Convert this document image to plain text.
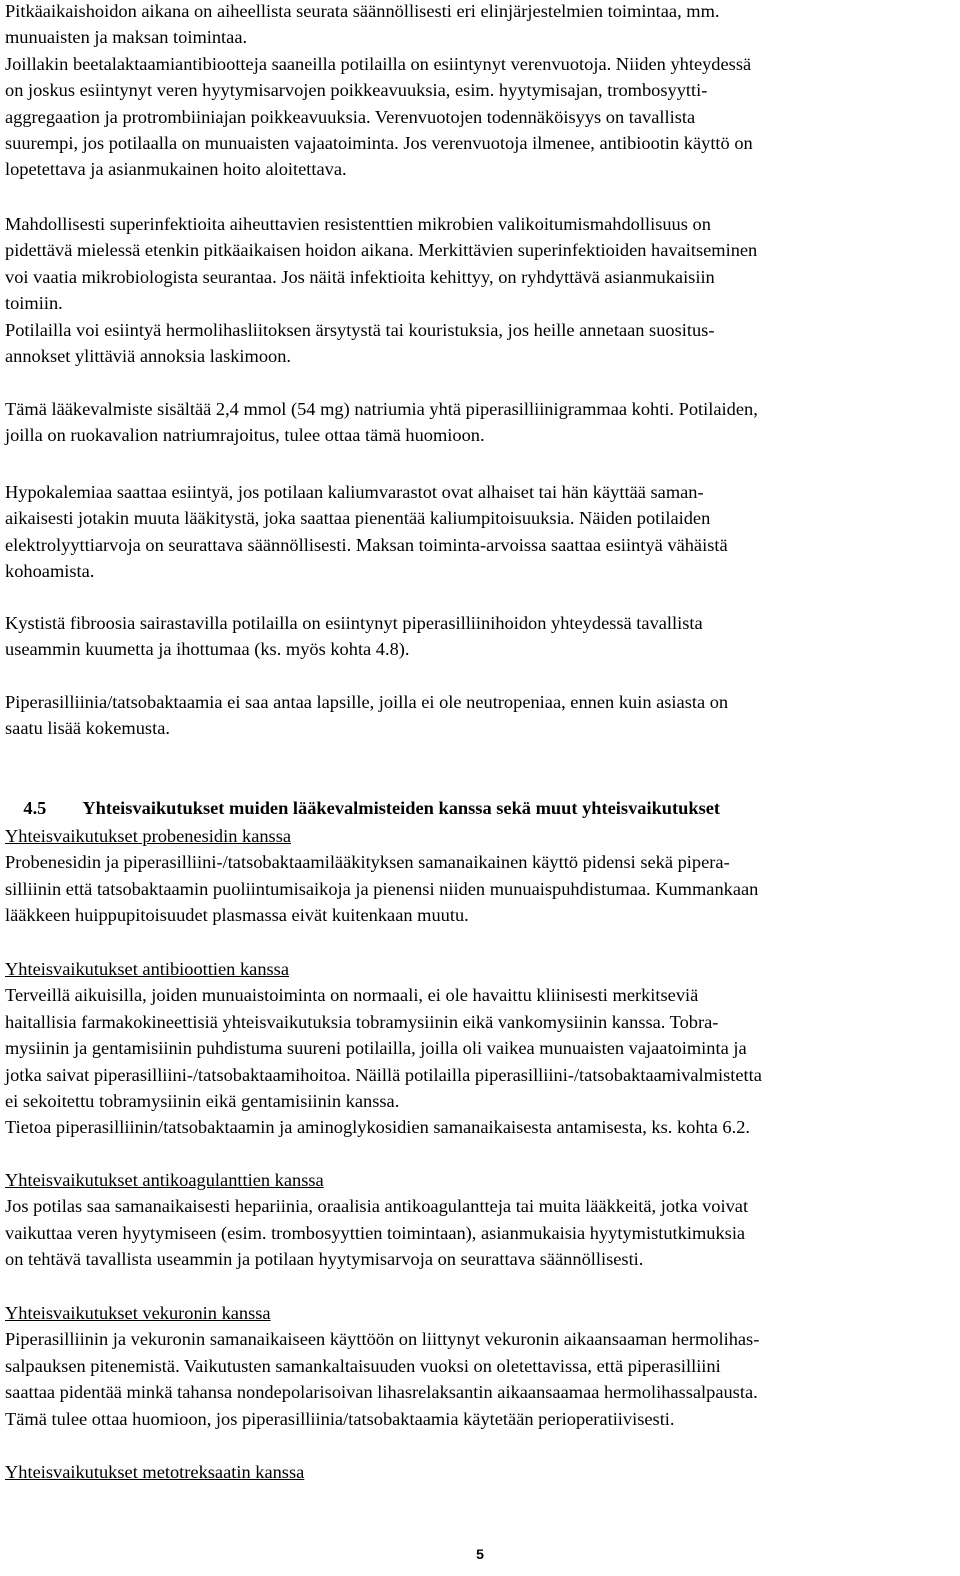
Pitkäaikaishoidon aikana on aiheellista seurata säännöllisesti eri elinjärjestelmien toimintaa, mm.

munuaisten ja maksan toimintaa.

Joillakin beetalaktaamiantibiootteja saaneilla potilailla on esiintynyt verenvuotoja. Niiden yhteydessä

on joskus esiintynyt veren hyytymisarvojen poikkeavuuksia, esim. hyytymisajan, trombosyytti-

aggregaation ja protrombiiniajan poikkeavuuksia. Verenvuotojen todennäköisyys on tavallista

suurempi, jos potilaalla on munuaisten vajaatoiminta. Jos verenvuotoja ilmenee, antibiootin käyttö on

lopetettava ja asianmukainen hoito aloitettava.

Mahdollisesti superinfektioita aiheuttavien resistenttien mikrobien valikoitumismahdollisuus on

pidettävä mielessä etenkin pitkäaikaisen hoidon aikana. Merkittävien superinfektioiden havaitseminen

voi vaatia mikrobiologista seurantaa. Jos näitä infektioita kehittyy, on ryhdyttävä asianmukaisiin

toimiin.

Potilailla voi esiintyä hermolihasliitoksen ärsytystä tai kouristuksia, jos heille annetaan suositus-

annokset ylittäviä annoksia laskimoon.

Tämä lääkevalmiste sisältää 2,4 mmol (54 mg) natriumia yhtä piperasilliinigrammaa kohti. Potilaiden,

joilla on ruokavalion natriumrajoitus, tulee ottaa tämä huomioon.

Hypokalemiaa saattaa esiintyä, jos potilaan kaliumvarastot ovat alhaiset tai hän käyttää saman-

aikaisesti jotakin muuta lääkitystä, joka saattaa pienentää kaliumpitoisuuksia. Näiden potilaiden

elektrolyyttiarvoja on seurattava säännöllisesti. Maksan toiminta-arvoissa saattaa esiintyä vähäistä

kohoamista.

Kystistä fibroosia sairastavilla potilailla on esiintynyt piperasilliinihoidon yhteydessä tavallista

useammin kuumetta ja ihottumaa (ks. myös kohta 4.8).

Piperasilliinia/tatsobaktaamia ei saa antaa lapsille, joilla ei ole neutropeniaa, ennen kuin asiasta on

saatu lisää kokemusta.

4.5 Yhteisvaikutukset muiden lääkevalmisteiden kanssa sekä muut yhteisvaikutukset

Yhteisvaikutukset probenesidin kanssa

Probenesidin ja piperasilliini-/tatsobaktaamilääkityksen samanaikainen käyttö pidensi sekä pipera-

silliinin että tatsobaktaamin puoliintumisaikoja ja pienensi niiden munuaispuhdistumaa. Kummankaan

lääkkeen huippupitoisuudet plasmassa eivät kuitenkaan muutu.

Yhteisvaikutukset antibioottien kanssa

Terveillä aikuisilla, joiden munuaistoiminta on normaali, ei ole havaittu kliinisesti merkitseviä

haitallisia farmakokineettisiä yhteisvaikutuksia tobramysiinin eikä vankomysiinin kanssa. Tobra-

mysiinin ja gentamisiinin puhdistuma suureni potilailla, joilla oli vaikea munuaisten vajaatoiminta ja

jotka saivat piperasilliini-/tatsobaktaamihoitoa. Näillä potilailla piperasilliini-/tatsobaktaamivalmistetta

ei sekoitettu tobramysiinin eikä gentamisiinin kanssa.

Tietoa piperasilliinin/tatsobaktaamin ja aminoglykosidien samanaikaisesta antamisesta, ks. kohta 6.2.

Yhteisvaikutukset antikoagulanttien kanssa

Jos potilas saa samanaikaisesti hepariinia, oraalisia antikoagulantteja tai muita lääkkeitä, jotka voivat

vaikuttaa veren hyytymiseen (esim. trombosyyttien toimintaan), asianmukaisia hyytymistutkimuksia

on tehtävä tavallista useammin ja potilaan hyytymisarvoja on seurattava säännöllisesti.

Yhteisvaikutukset vekuronin kanssa

Piperasilliinin ja vekuronin samanaikaiseen käyttöön on liittynyt vekuronin aikaansaaman hermolihas-

salpauksen pitenemistä. Vaikutusten samankaltaisuuden vuoksi on oletettavissa, että piperasilliini

saattaa pidentää minkä tahansa nondepolarisoivan lihasrelaksantin aikaansaamaa hermolihassalpausta.

Tämä tulee ottaa huomioon, jos piperasilliinia/tatsobaktaamia käytetään perioperatiivisesti.

Yhteisvaikutukset metotreksaatin kanssa

5
